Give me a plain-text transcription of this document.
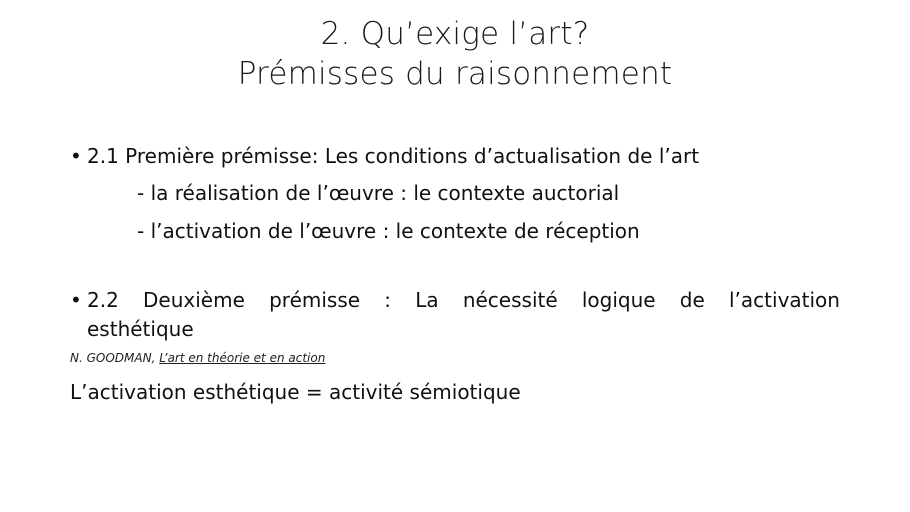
2. Qu’exige l’art?
Prémisses du raisonnement
• 2.1 Première prémisse: Les conditions d’actualisation de l’art
- la réalisation de l’œuvre : le contexte auctorial
- l’activation de l’œuvre : le contexte de réception
• 2.2 Deuxième prémisse : La nécessité logique de l’activation
esthétique
N. GOODMAN, L’art en théorie et en action
L’activation esthétique = activité sémiotique
